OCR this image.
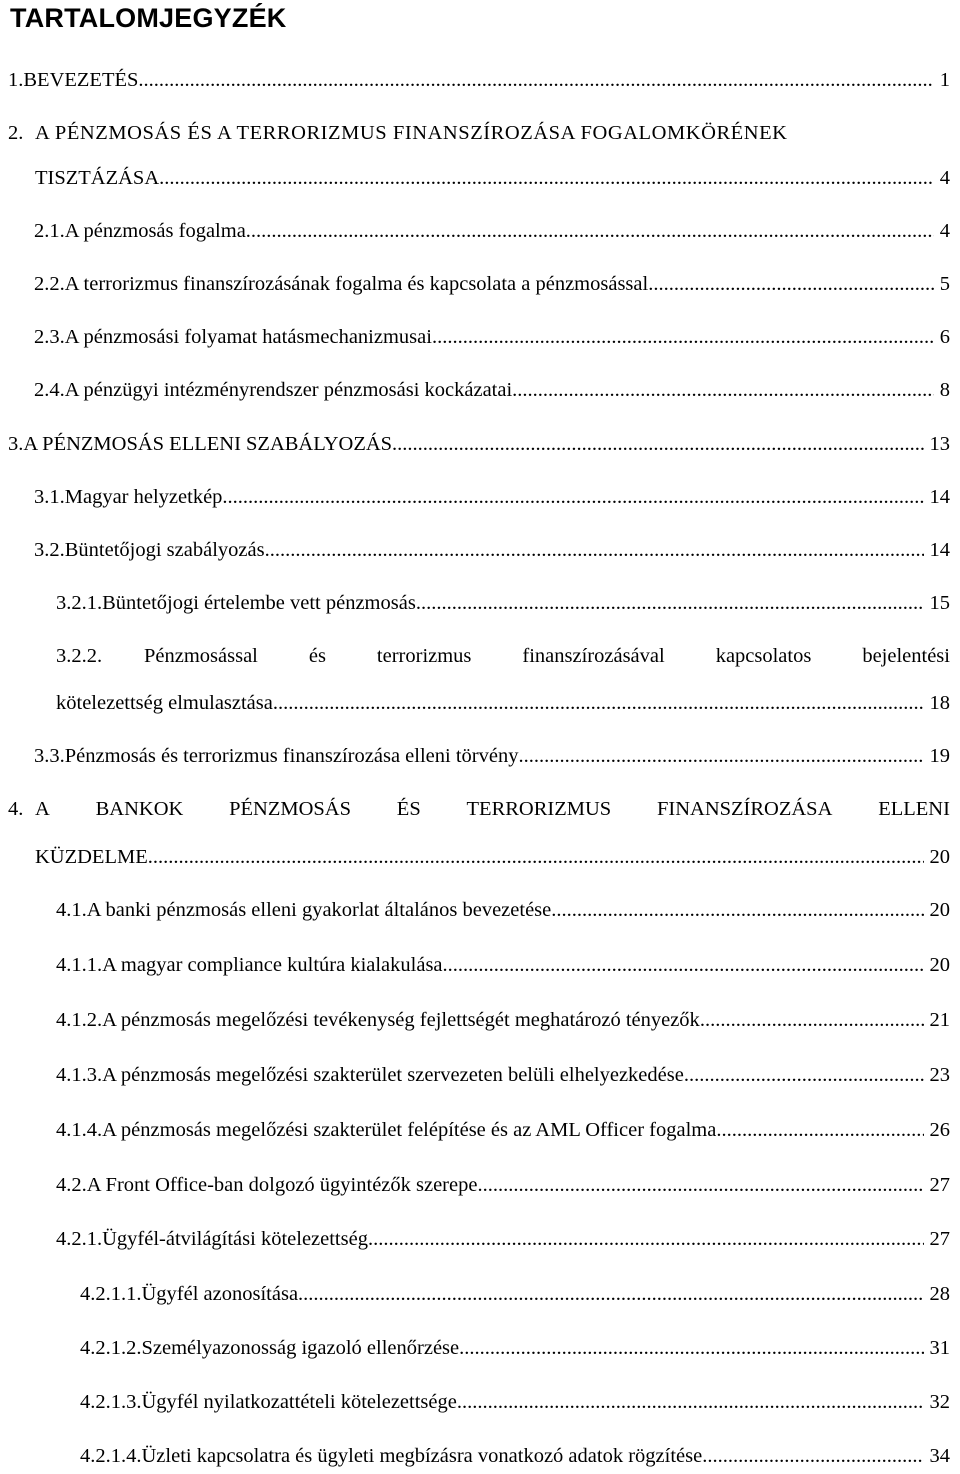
TARTALOMJEGYZÉK
1. BEVEZETÉS .....	1
2. A PÉNZMOSÁS ÉS A TERRORIZMUS FINANSZÍROZÁSA FOGALOMKÖRÉNEK
TISZTÁZÁSA .....	4
2.1. A pénzmosás fogalma .....	4
2.2. A terrorizmus finanszírozásának fogalma és kapcsolata a pénzmosással .....	5
2.3. A pénzmosási folyamat hatásmechanizmusai .....	6
2.4. A pénzügyi intézményrendszer pénzmosási kockázatai .....	8
3. A PÉNZMOSÁS ELLENI SZABÁLYOZÁS .....	13
3.1. Magyar helyzetkép .....	14
3.2. Büntetőjogi szabályozás .....	14
3.2.1. Büntetőjogi értelembe vett pénzmosás .....	15
3.2.2.	Pénzmosással és terrorizmus finanszírozásával kapcsolatos bejelentési
kötelezettség elmulasztása .....	18
3.3. Pénzmosás és terrorizmus finanszírozása elleni törvény .....	19
4. A BANKOK PÉNZMOSÁS ÉS TERRORIZMUS FINANSZÍROZÁSA ELLENI
KÜZDELME .....	20
4.1. A banki pénzmosás elleni gyakorlat általános bevezetése .....	20
4.1.1. A magyar compliance kultúra kialakulása .....	20
4.1.2. A pénzmosás megelőzési tevékenység fejlettségét meghatározó tényezők .....	21
4.1.3. A pénzmosás megelőzési szakterület szervezeten belüli elhelyezkedése .....	23
4.1.4. A pénzmosás megelőzési szakterület felépítése és az AML Officer fogalma .....	26
4.2. A Front Office-ban dolgozó ügyintézők szerepe .....	27
4.2.1. Ügyfél-átvilágítási kötelezettség .....	27
4.2.1.1. Ügyfél azonosítása .....	28
4.2.1.2. Személyazonosság igazoló ellenőrzése .....	31
4.2.1.3. Ügyfél nyilatkozattételi kötelezettsége .....	32
4.2.1.4. Üzleti kapcsolatra és ügyleti megbízásra vonatkozó adatok rögzítése .....	34
